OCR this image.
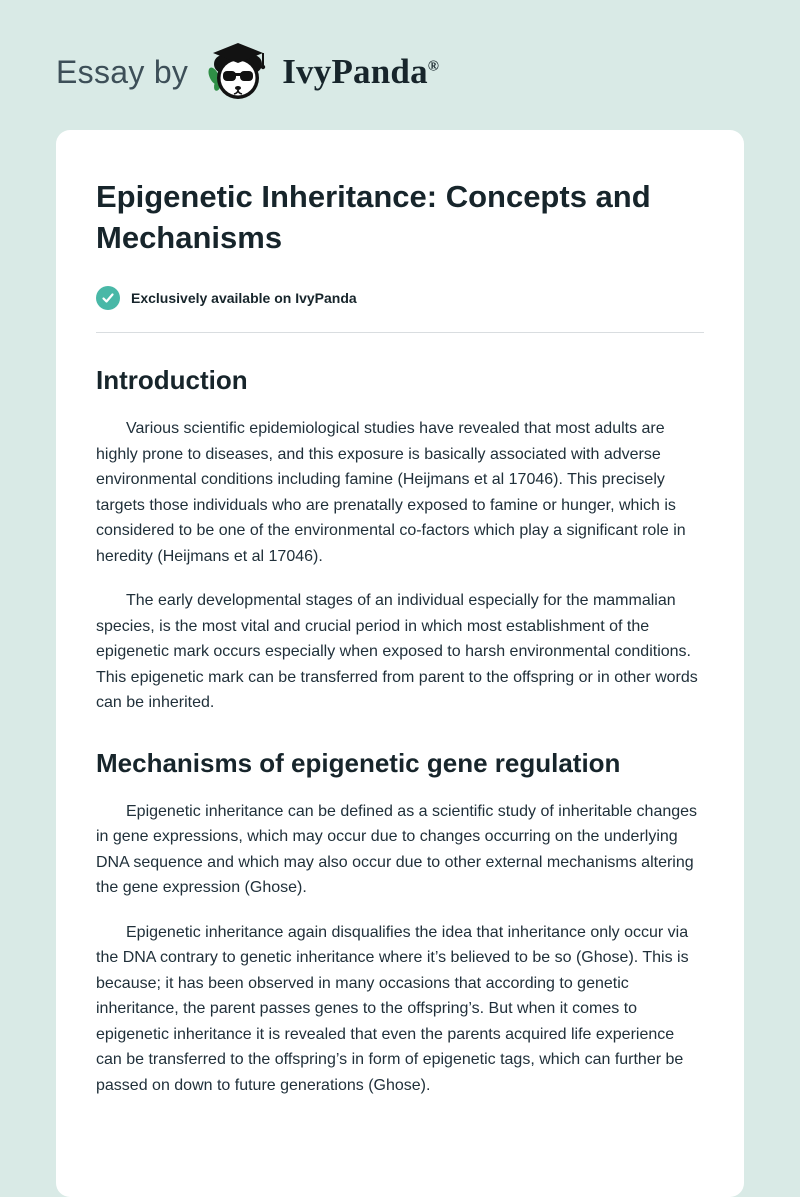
Essay by	IvyPanda®
Epigenetic Inheritance: Concepts and Mechanisms
Exclusively available on IvyPanda
Introduction

Various scientific epidemiological studies have revealed that most adults are highly prone to diseases, and this exposure is basically associated with adverse environmental conditions including famine (Heijmans et al 17046). This precisely targets those individuals who are prenatally exposed to famine or hunger, which is considered to be one of the environmental co-factors which play a significant role in heredity (Heijmans et al 17046).

The early developmental stages of an individual especially for the mammalian species, is the most vital and crucial period in which most establishment of the epigenetic mark occurs especially when exposed to harsh environmental conditions. This epigenetic mark can be transferred from parent to the offspring or in other words can be inherited.

Mechanisms of epigenetic gene regulation

Epigenetic inheritance can be defined as a scientific study of inheritable changes in gene expressions, which may occur due to changes occurring on the underlying DNA sequence and which may also occur due to other external mechanisms altering the gene expression (Ghose).

Epigenetic inheritance again disqualifies the idea that inheritance only occur via the DNA contrary to genetic inheritance where it’s believed to be so (Ghose). This is because; it has been observed in many occasions that according to genetic inheritance, the parent passes genes to the offspring’s. But when it comes to epigenetic inheritance it is revealed that even the parents acquired life experience can be transferred to the offspring’s in form of epigenetic tags, which can further be passed on down to future generations (Ghose).
